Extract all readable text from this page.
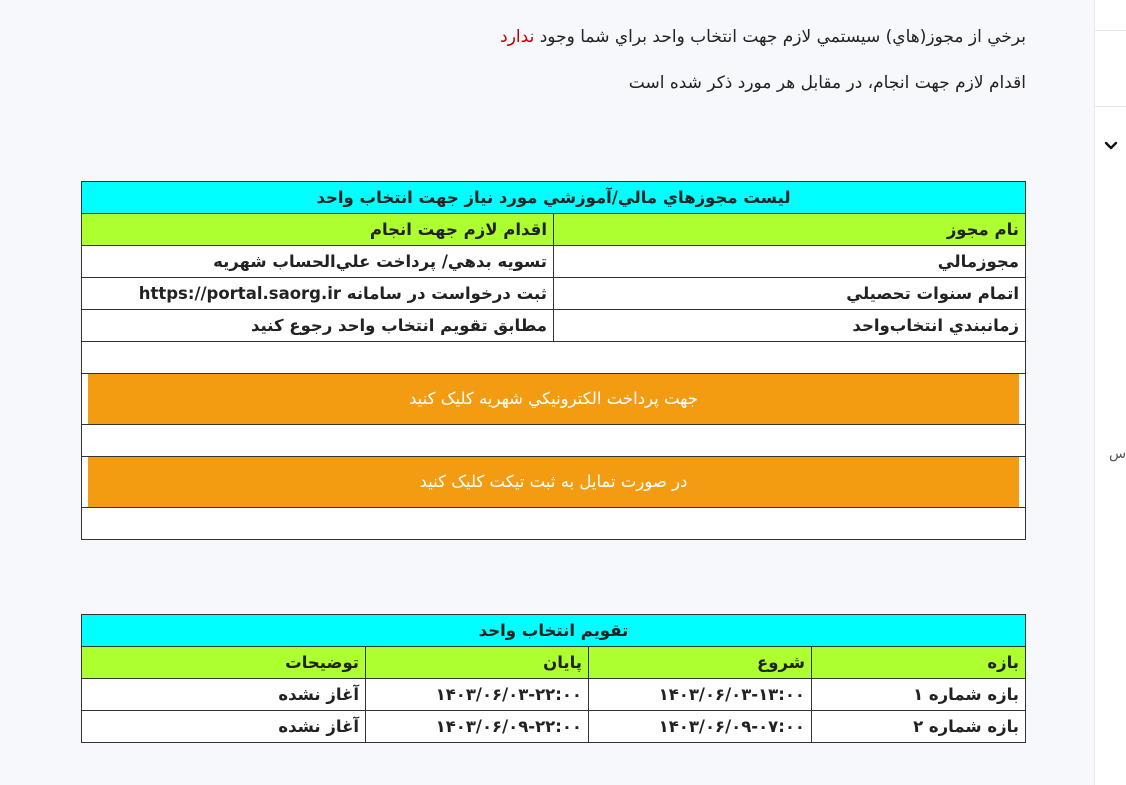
برخي از مجوز(هاي) سيستمي لازم جهت انتخاب واحد براي شما وجود ندارد
اقدام لازم جهت انجام، در مقابل هر مورد ذكر شده است
ليست مجوزهاي مالي/آموزشي مورد نياز جهت انتخاب واحد	
نام مجوز	اقدام لازم جهت انجام
مجوزمالي	تسويه بدهي/ پرداخت علي‌الحساب شهريه
اتمام سنوات تحصيلي	ثبت درخواست در سامانه https://portal.saorg.ir
زمانبندي انتخاب‌واحد	مطابق تقويم انتخاب واحد رجوع كنيد

جهت پرداخت الكترونيكي شهريه كليک كنيد	

در صورت تمايل به ثبت تيکت كليک كنيد	

تقويم انتخاب واحد			
بازه	شروع	پايان	توضيحات
بازه شماره ۱	۱۴۰۳/۰۶/۰۳-۱۳:۰۰	۱۴۰۳/۰۶/۰۳-۲۲:۰۰	آغاز نشده
بازه شماره ۲	۱۴۰۳/۰۶/۰۹-۰۷:۰۰	۱۴۰۳/۰۶/۰۹-۲۲:۰۰	آغاز نشده
س
